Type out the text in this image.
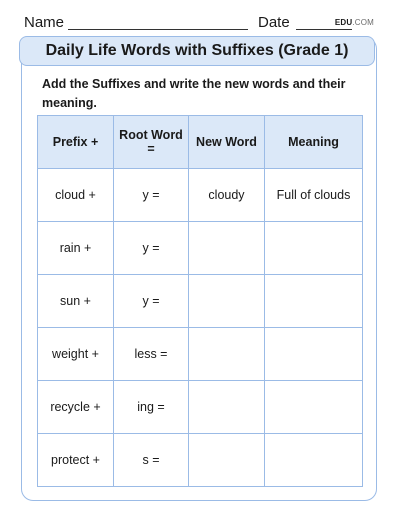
Name	Date	EDU.COM
Daily Life Words with Suffixes (Grade 1)
Add the Suffixes and write the new words and their meaning.
Prefix +	Root Word =	New Word	Meaning
cloud +	y =	cloudy	Full of clouds
rain +	y =		
sun +	y =		
weight +	less =		
recycle +	ing =		
protect +	s =		
